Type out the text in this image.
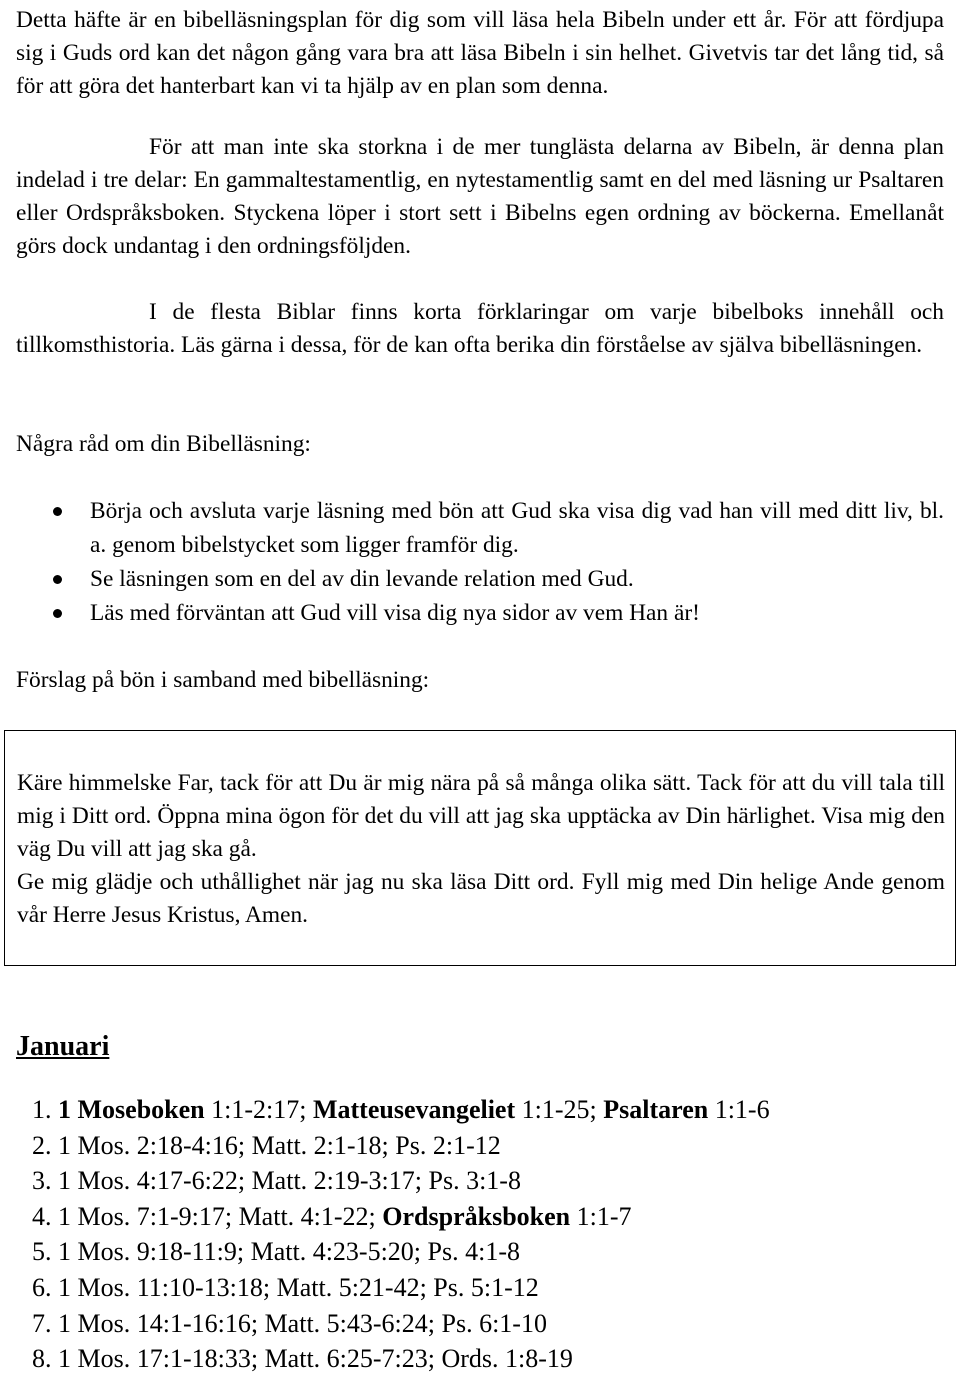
Detta häfte är en bibelläsningsplan för dig som vill läsa hela Bibeln under ett år. För att fördjupa sig i Guds ord kan det någon gång vara bra att läsa Bibeln i sin helhet. Givetvis tar det lång tid, så för att göra det hanterbart kan vi ta hjälp av en plan som denna.
För att man inte ska storkna i de mer tunglästa delarna av Bibeln, är denna plan indelad i tre delar: En gammaltestamentlig, en nytestamentlig samt en del med läsning ur Psaltaren eller Ordspråksboken. Styckena löper i stort sett i Bibelns egen ordning av böckerna. Emellanåt görs dock undantag i den ordningsföljden.
I de flesta Biblar finns korta förklaringar om varje bibelboks innehåll och tillkomsthistoria. Läs gärna i dessa, för de kan ofta berika din förståelse av själva bibelläsningen.
Några råd om din Bibelläsning:
Börja och avsluta varje läsning med bön att Gud ska visa dig vad han vill med ditt liv, bl. a. genom bibelstycket som ligger framför dig.
Se läsningen som en del av din levande relation med Gud.
Läs med förväntan att Gud vill visa dig nya sidor av vem Han är!
Förslag på bön i samband med bibelläsning:
Käre himmelske Far, tack för att Du är mig nära på så många olika sätt. Tack för att du vill tala till mig i Ditt ord. Öppna mina ögon för det du vill att jag ska upptäcka av Din härlighet. Visa mig den väg Du vill att jag ska gå.
Ge mig glädje och uthållighet när jag nu ska läsa Ditt ord. Fyll mig med Din helige Ande genom vår Herre Jesus Kristus, Amen.
Januari
1. 1 Moseboken 1:1-2:17; Matteusevangeliet 1:1-25; Psaltaren 1:1-6
2. 1 Mos. 2:18-4:16; Matt. 2:1-18; Ps. 2:1-12
3. 1 Mos. 4:17-6:22; Matt. 2:19-3:17; Ps. 3:1-8
4. 1 Mos. 7:1-9:17; Matt. 4:1-22; Ordspråksboken 1:1-7
5. 1 Mos. 9:18-11:9; Matt. 4:23-5:20; Ps. 4:1-8
6. 1 Mos. 11:10-13:18; Matt. 5:21-42; Ps. 5:1-12
7. 1 Mos. 14:1-16:16; Matt. 5:43-6:24; Ps. 6:1-10
8. 1 Mos. 17:1-18:33; Matt. 6:25-7:23; Ords. 1:8-19
